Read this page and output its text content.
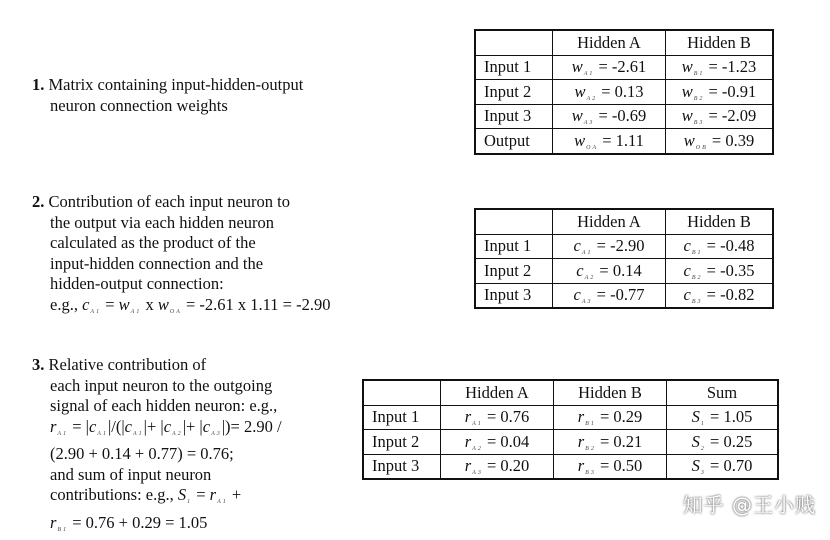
1. Matrix containing input-hidden-output
neuron connection weights
2. Contribution of each input neuron to
the output via each hidden neuron
calculated as the product of the
input-hidden connection and the
hidden-output connection:
e.g., $c_{A1} = w_{A1}$ x $w_{OA} = -2.61$ x 1.11 = -2.90
3. Relative contribution of
each input neuron to the outgoing
signal of each hidden neuron: e.g.,
$r_{A1} = |c_{A1}|/(|c_{A1}|+ |c_{A2}|+ |c_{A3}|)= 2.90$ /
(2.90 + 0.14 + 0.77) = 0.76;
and sum of input neuron
contributions: e.g., $S_1 = r_{A1}$ +
$r_{B1} = 0.76 + 0.29 = 1.05$
	Hidden A	Hidden B
Input 1	$w_{A1} = -2.61$	$w_{B1} = -1.23$
Input 2	$w_{A2} = 0.13$	$w_{B2} = -0.91$
Input 3	$w_{A3} = -0.69$	$w_{B3} = -2.09$
Output	$w_{OA} = 1.11$	$w_{OB} = 0.39$
	Hidden A	Hidden B
Input 1	$c_{A1} = -2.90$	$c_{B1} = -0.48$
Input 2	$c_{A2} = 0.14$	$c_{B2} = -0.35$
Input 3	$c_{A3} = -0.77$	$c_{B3} = -0.82$
	Hidden A	Hidden B	Sum
Input 1	$r_{A1} = 0.76$	$r_{B1} = 0.29$	$S_1 = 1.05$
Input 2	$r_{A2} = 0.04$	$r_{B2} = 0.21$	$S_2 = 0.25$
Input 3	$r_{A3} = 0.20$	$r_{B3} = 0.50$	$S_3 = 0.70$
知乎 @王小贱
